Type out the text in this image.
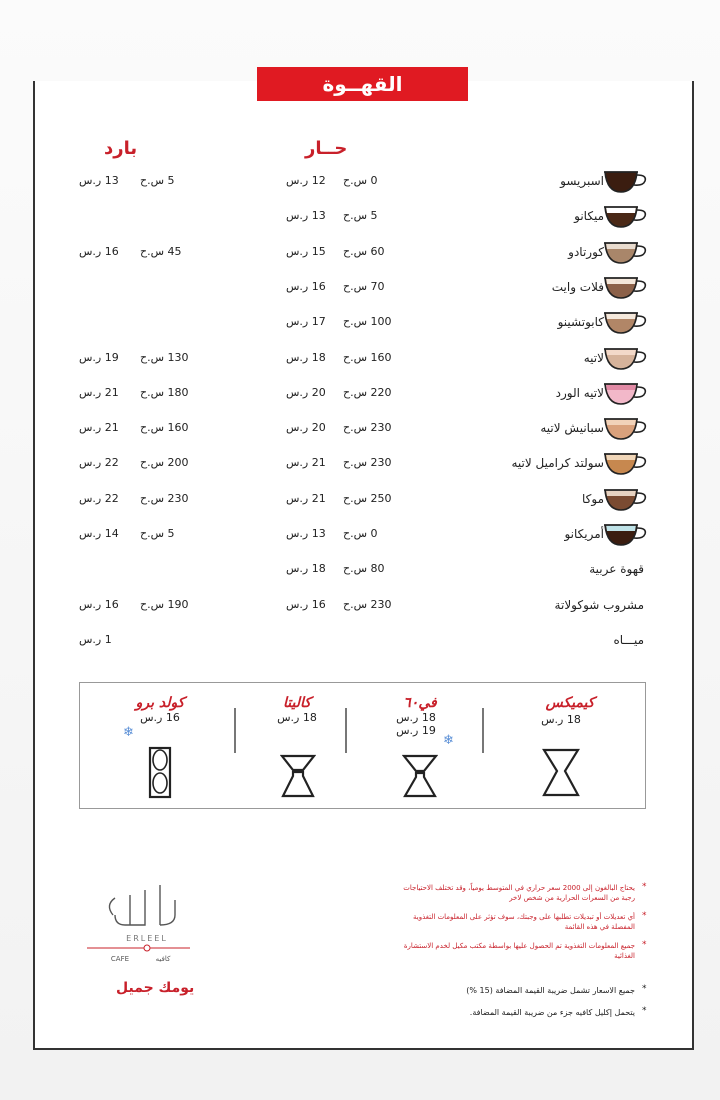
القهــوة
حــار
بارد
اسبريسو
0 س.ح
12 ر.س
5 س.ح
13 ر.س
ميكانو
5 س.ح
13 ر.س
كورتادو
60 س.ح
15 ر.س
45 س.ح
16 ر.س
فلات وايت
70 س.ح
16 ر.س
كابوتشينو
100 س.ح
17 ر.س
لاتيه
160 س.ح
18 ر.س
130 س.ح
19 ر.س
لاتيه الورد
220 س.ح
20 ر.س
180 س.ح
21 ر.س
سبانيش لاتيه
230 س.ح
20 ر.س
160 س.ح
21 ر.س
سولتد كراميل لاتيه
230 س.ح
21 ر.س
200 س.ح
22 ر.س
موكا
250 س.ح
21 ر.س
230 س.ح
22 ر.س
أمريكانو
0 س.ح
13 ر.س
5 س.ح
14 ر.س
قهوة عربية
80 س.ح
18 ر.س
مشروب شوكولاتة
230 س.ح
16 ر.س
190 س.ح
16 ر.س
ميـــاه
1 ر.س
كيميكس
18 ر.س
في٦٠
18 ر.س
19 ر.س
❄
كاليتا
18 ر.س
كولد برو
16 ر.س
❄
ERLEEL
CAFE	كافيه
يومك جميل
يحتاج البالغون إلى 2000 سعر حراري في المتوسط يومياً، وقد تختلف الاحتياجات رجبة من السعرات الحرارية من شخص لاخر
*
أي تعديلات أو تبديلات تطلبها على وجبتك، سوف تؤثر على المعلومات التغذوية المفصلة في هذه القائمة
*
جميع المعلومات التغذوية تم الحصول عليها بواسطة مكتب مكيل لخدم الاستشارة الغذائية
*
جميع الاسعار تشمل ضريبة القيمة المضافة (15 %) *
يتحمل إكليل كافيه جزء من ضريبة القيمة المضافة. *
